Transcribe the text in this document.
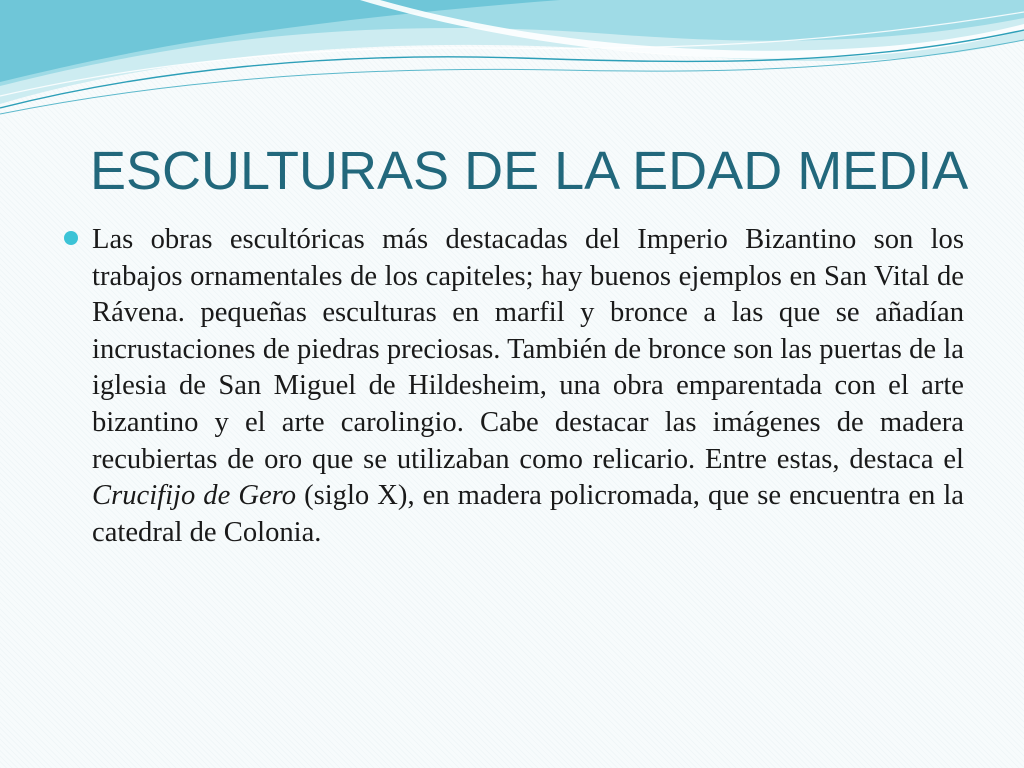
ESCULTURAS DE LA EDAD MEDIA

Las obras escultóricas más destacadas del Imperio Bizantino son los trabajos ornamentales de los capiteles; hay buenos ejemplos en San Vital de Rávena. pequeñas esculturas en marfil y bronce a las que se añadían incrustaciones de piedras preciosas. También de bronce son las puertas de la iglesia de San Miguel de Hildesheim, una obra emparentada con el arte bizantino y el arte carolingio. Cabe destacar las imágenes de madera recubiertas de oro que se utilizaban como relicario. Entre estas, destaca el Crucifijo de Gero (siglo X), en madera policromada, que se encuentra en la catedral de Colonia.
